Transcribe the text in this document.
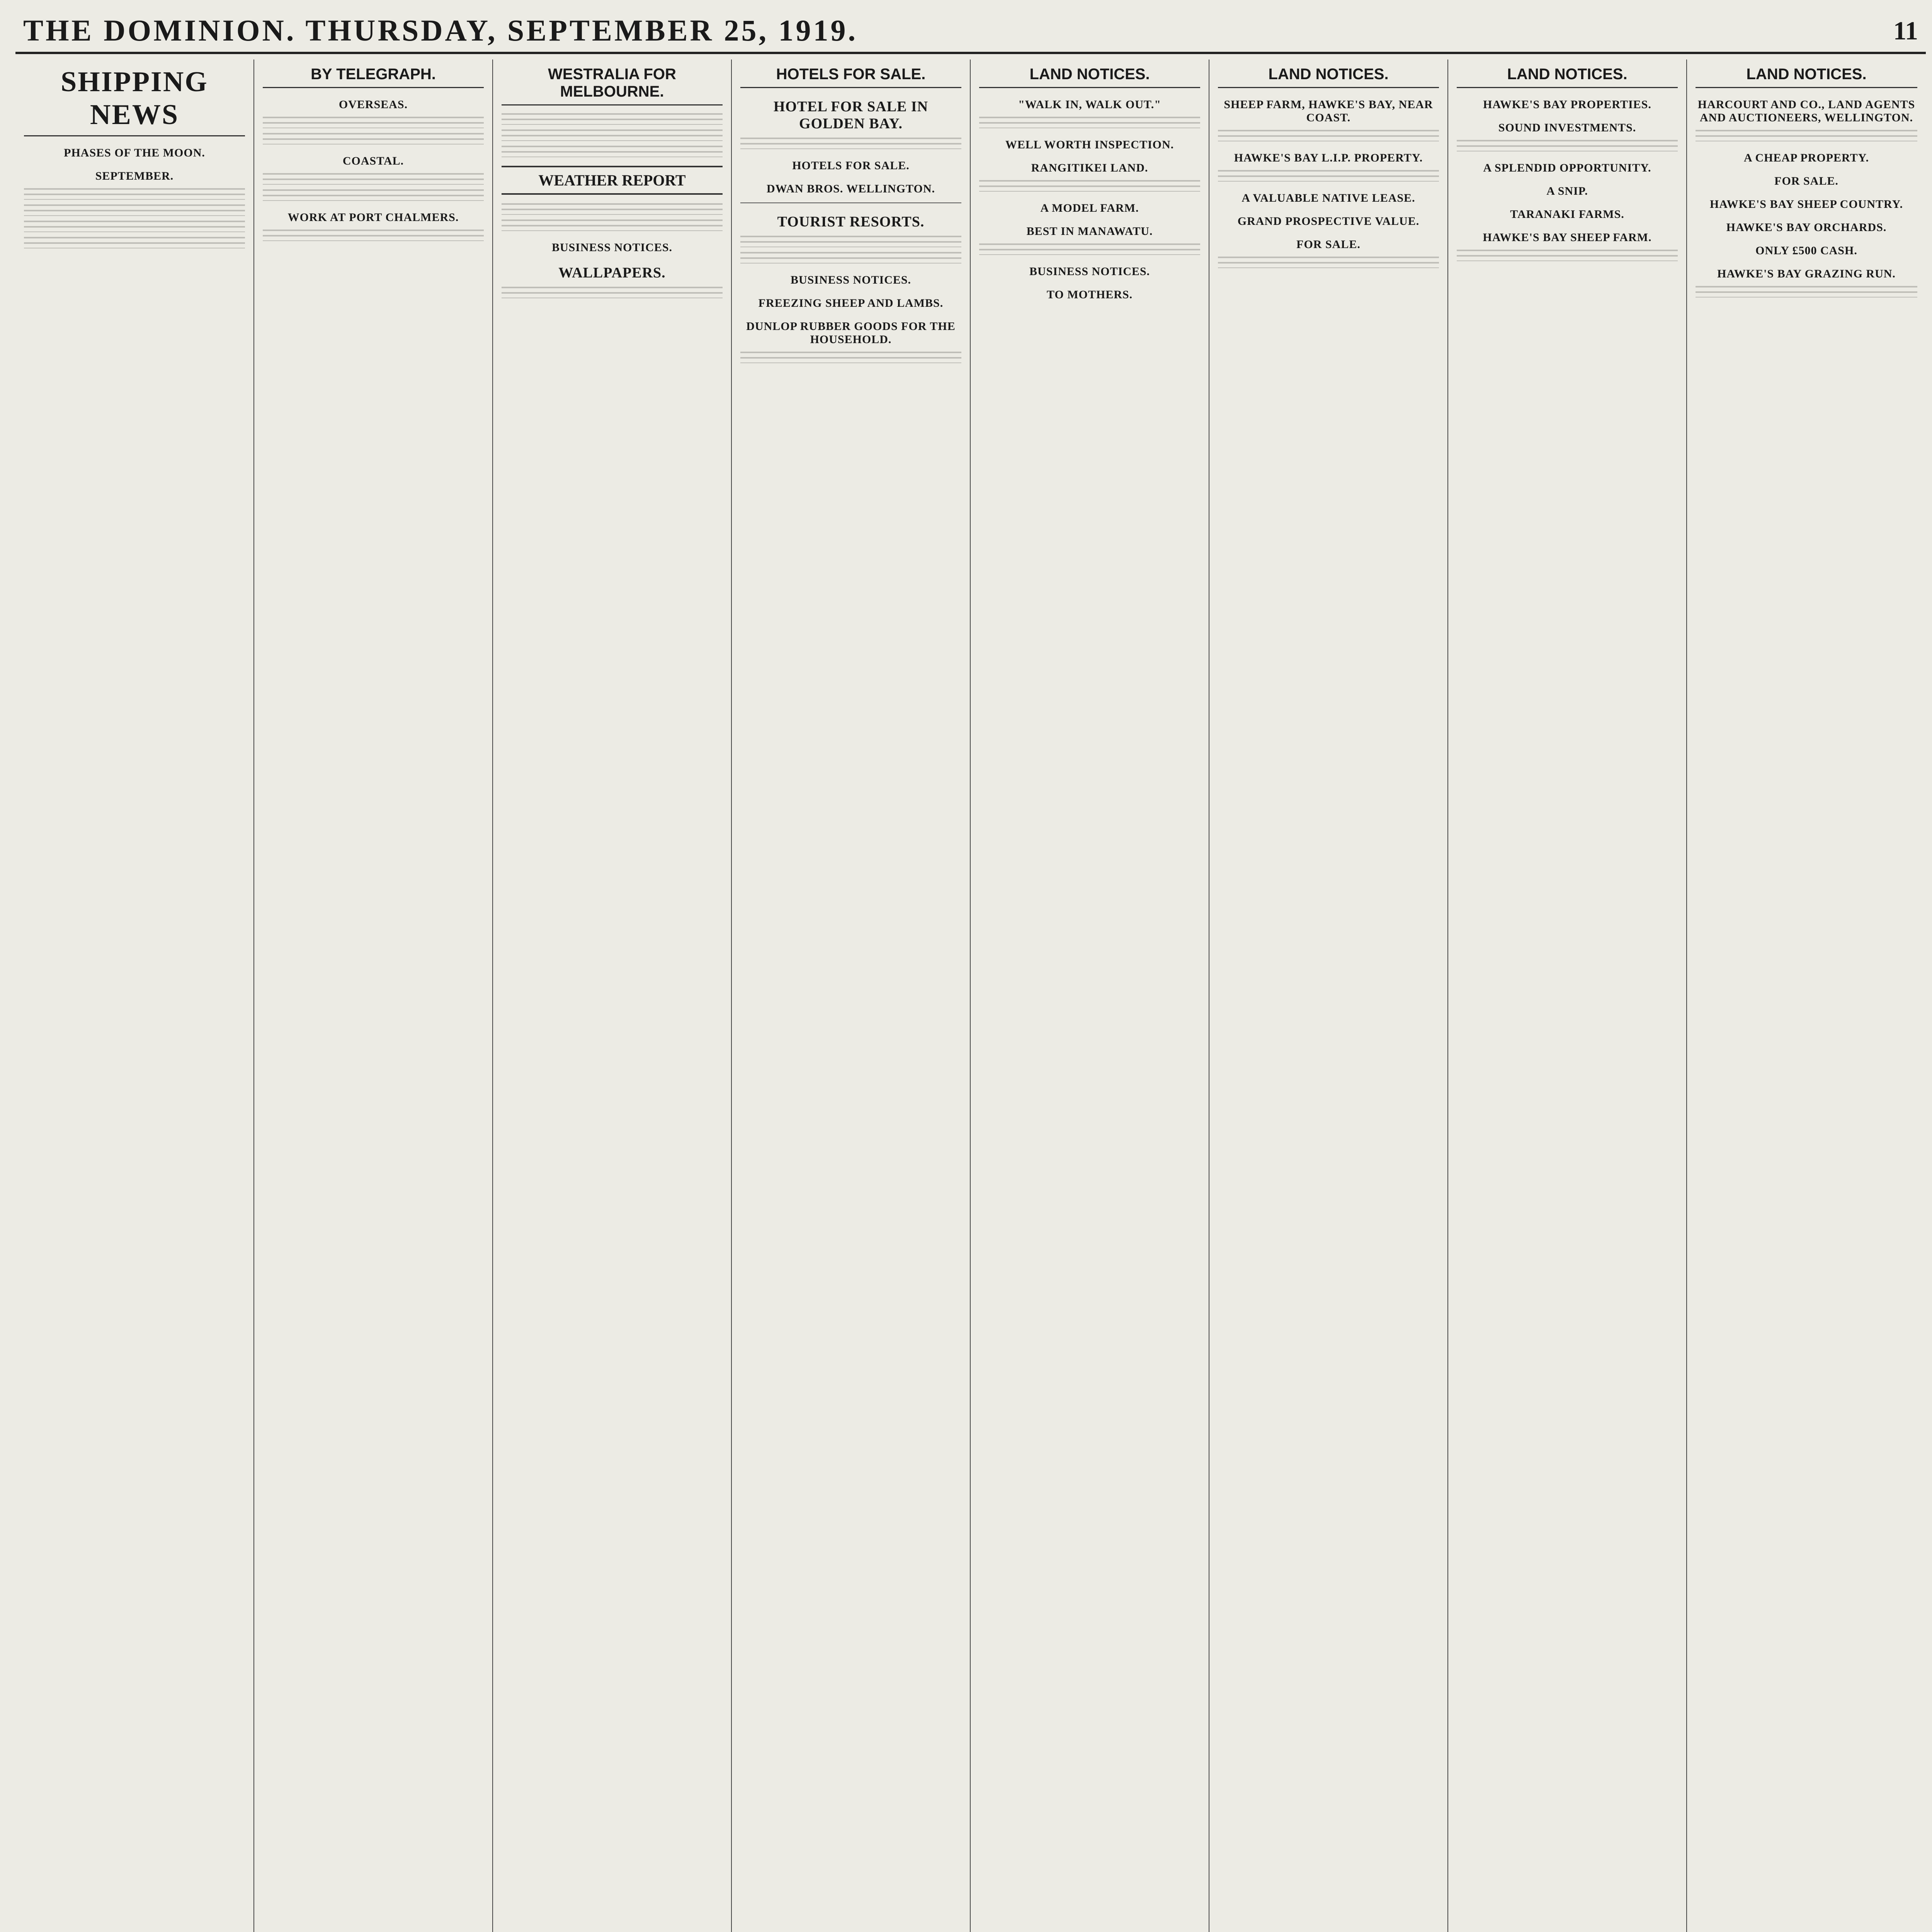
THE DOMINION. THURSDAY, SEPTEMBER 25, 1919.	11
SHIPPING NEWS
PHASES OF THE MOON.
SEPTEMBER.
BY TELEGRAPH.
OVERSEAS.
COASTAL.
WORK AT PORT CHALMERS.
WESTRALIA FOR MELBOURNE.
WEATHER REPORT
BUSINESS NOTICES.
WALLPAPERS.
HOTELS FOR SALE.
HOTEL FOR SALE IN GOLDEN BAY.
HOTELS FOR SALE.
DWAN BROS. WELLINGTON.
TOURIST RESORTS.
BUSINESS NOTICES.
FREEZING SHEEP AND LAMBS.
DUNLOP RUBBER GOODS FOR THE HOUSEHOLD.
LAND NOTICES.
"WALK IN, WALK OUT."
WELL WORTH INSPECTION.
RANGITIKEI LAND.
A MODEL FARM.
BEST IN MANAWATU.
BUSINESS NOTICES.
TO MOTHERS.
LAND NOTICES.
SHEEP FARM, HAWKE'S BAY, NEAR COAST.
HAWKE'S BAY L.I.P. PROPERTY.
A VALUABLE NATIVE LEASE.
GRAND PROSPECTIVE VALUE.
FOR SALE.
LAND NOTICES.
HAWKE'S BAY PROPERTIES.
SOUND INVESTMENTS.
A SPLENDID OPPORTUNITY.
A SNIP.
TARANAKI FARMS.
HAWKE'S BAY SHEEP FARM.
LAND NOTICES.
HARCOURT AND CO., LAND AGENTS AND AUCTIONEERS, WELLINGTON.
A CHEAP PROPERTY.
FOR SALE.
HAWKE'S BAY SHEEP COUNTRY.
HAWKE'S BAY ORCHARDS.
ONLY £500 CASH.
HAWKE'S BAY GRAZING RUN.
